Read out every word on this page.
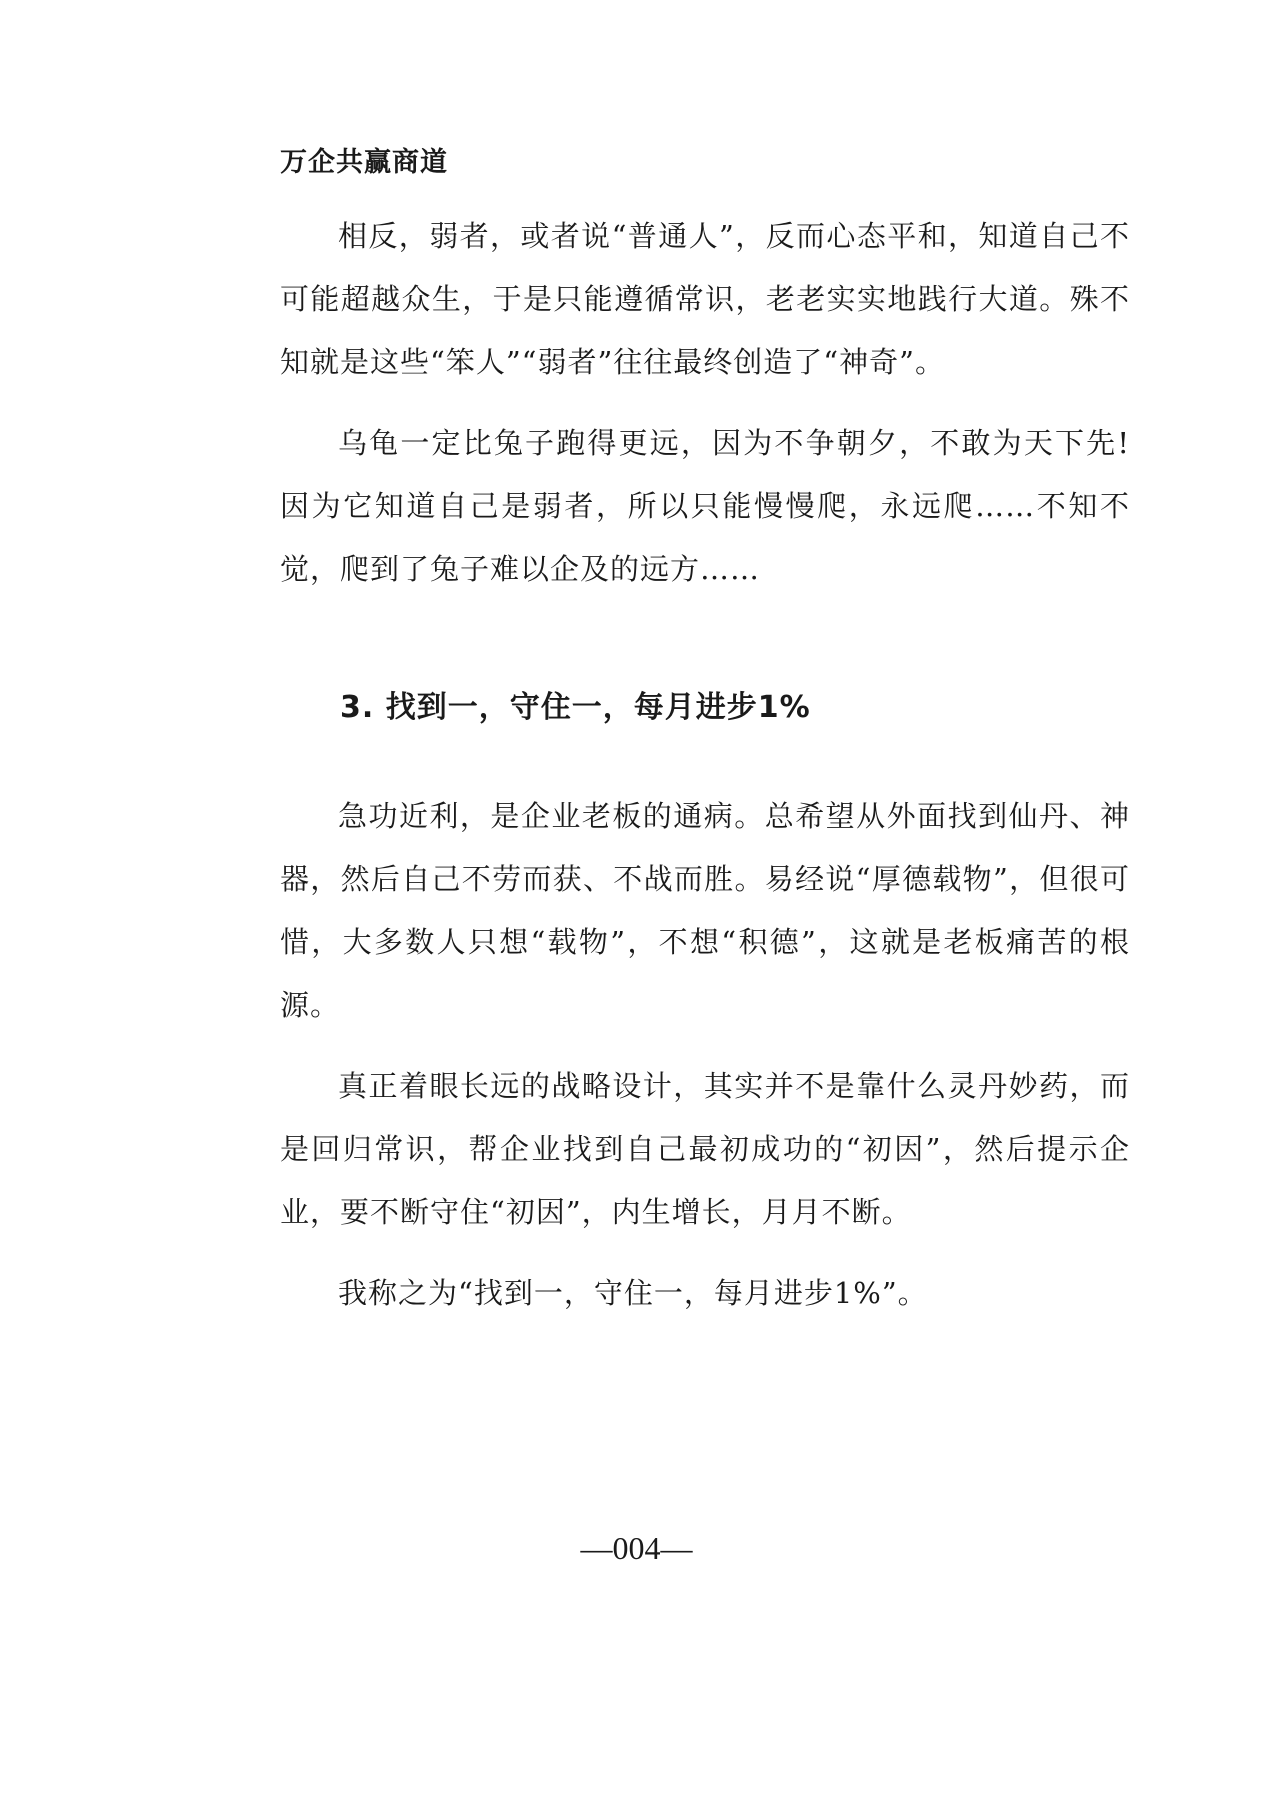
万企共赢商道

相反，弱者，或者说“普通人”，反而心态平和，知道自己不可能超越众生，于是只能遵循常识，老老实实地践行大道。殊不知就是这些“笨人”“弱者”往往最终创造了“神奇”。

乌龟一定比兔子跑得更远，因为不争朝夕，不敢为天下先!因为它知道自己是弱者，所以只能慢慢爬，永远爬……不知不觉，爬到了兔子难以企及的远方……

3. 找到一，守住一，每月进步1%

急功近利，是企业老板的通病。总希望从外面找到仙丹、神器，然后自己不劳而获、不战而胜。易经说“厚德载物”，但很可惜，大多数人只想“载物”，不想“积德”，这就是老板痛苦的根源。

真正着眼长远的战略设计，其实并不是靠什么灵丹妙药，而是回归常识，帮企业找到自己最初成功的“初因”，然后提示企业，要不断守住“初因”，内生增长，月月不断。

我称之为“找到一，守住一，每月进步1%”。

—004—
